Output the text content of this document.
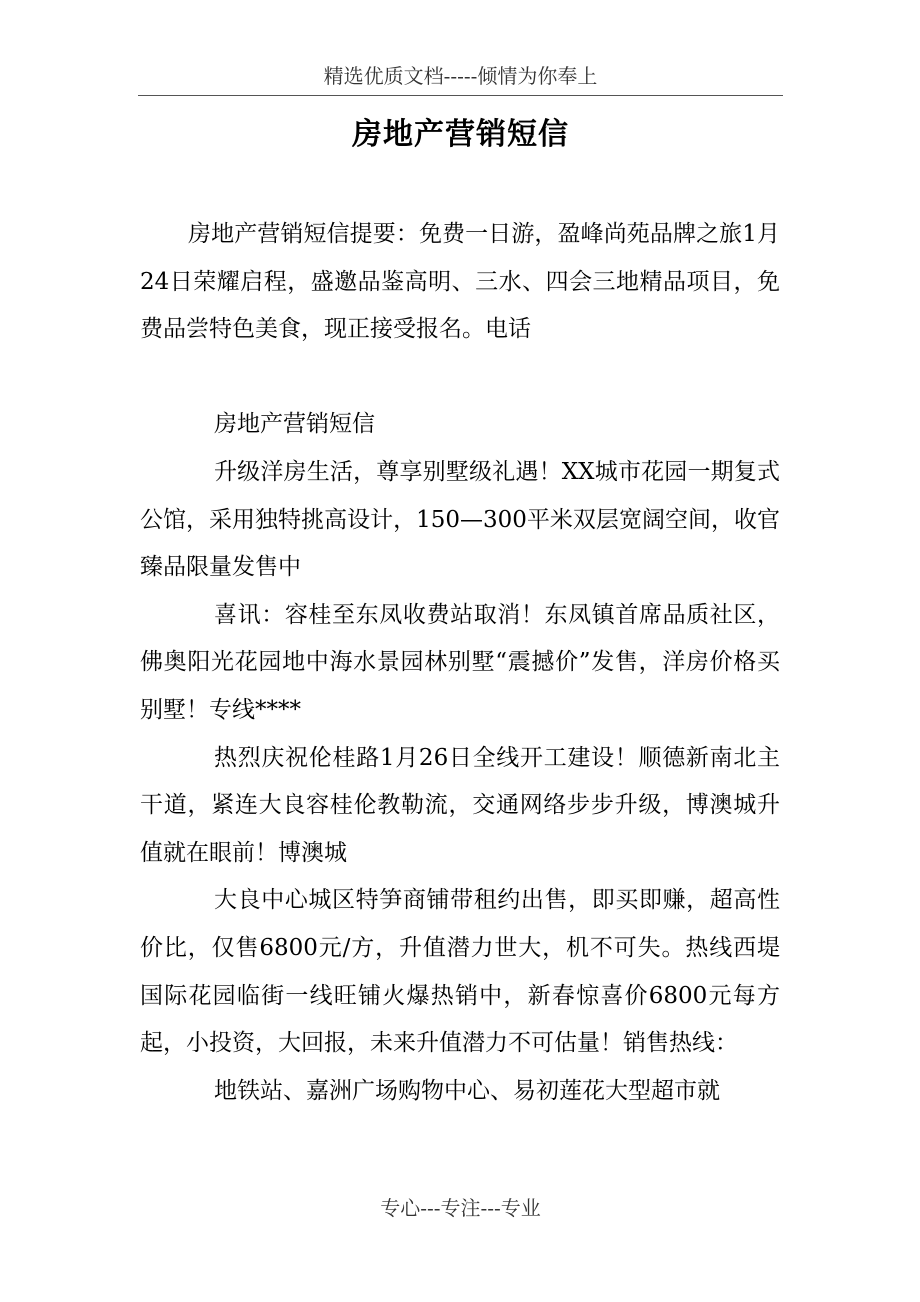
精选优质文档-----倾情为你奉上
房地产营销短信
房地产营销短信提要：免费一日游，盈峰尚苑品牌之旅1月24日荣耀启程，盛邀品鉴高明、三水、四会三地精品项目，免费品尝特色美食，现正接受报名。电话
房地产营销短信

升级洋房生活，尊享别墅级礼遇！XX城市花园一期复式公馆，采用独特挑高设计，150—300平米双层宽阔空间，收官臻品限量发售中

喜讯：容桂至东凤收费站取消！东凤镇首席品质社区，佛奥阳光花园地中海水景园林别墅“震撼价”发售，洋房价格买别墅！专线****

热烈庆祝伦桂路1月26日全线开工建设！顺德新南北主干道，紧连大良容桂伦教勒流，交通网络步步升级，博澳城升值就在眼前！博澳城

大良中心城区特笋商铺带租约出售，即买即赚，超高性价比，仅售6800元/方，升值潜力世大，机不可失。热线西堤国际花园临街一线旺铺火爆热销中，新春惊喜价6800元每方起，小投资，大回报，未来升值潜力不可估量！销售热线：

地铁站、嘉洲广场购物中心、易初莲花大型超市就

专心---专注---专业
